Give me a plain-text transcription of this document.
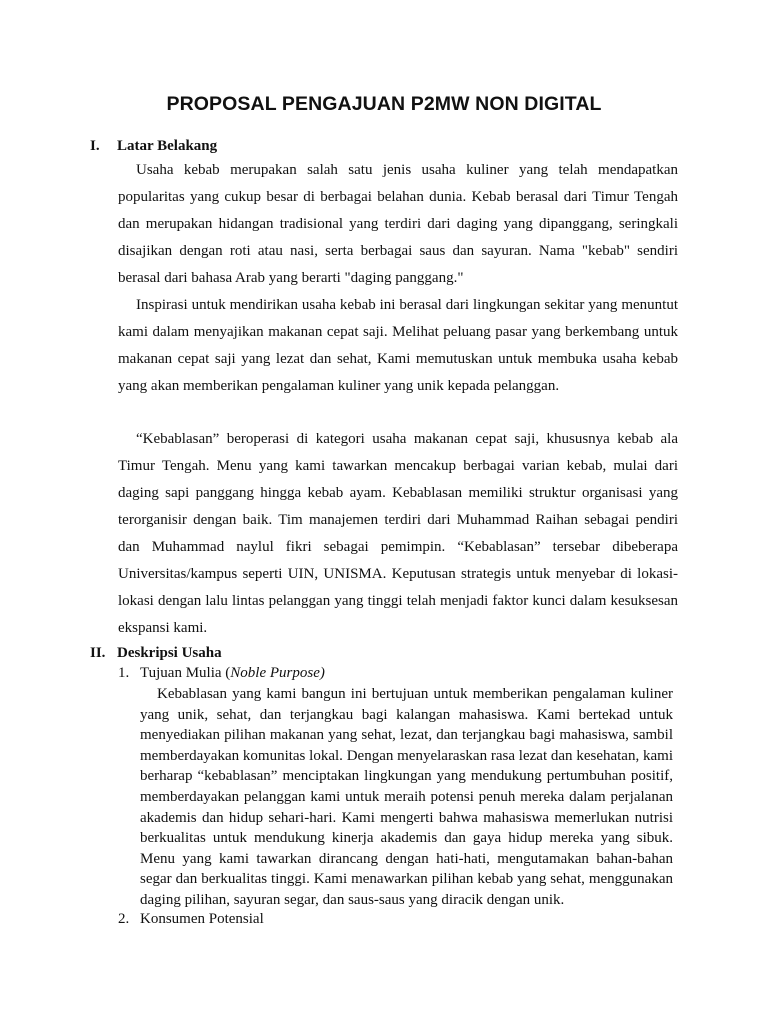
PROPOSAL PENGAJUAN P2MW NON DIGITAL
I. Latar Belakang

Usaha kebab merupakan salah satu jenis usaha kuliner yang telah mendapatkan popularitas yang cukup besar di berbagai belahan dunia. Kebab berasal dari Timur Tengah dan merupakan hidangan tradisional yang terdiri dari daging yang dipanggang, seringkali disajikan dengan roti atau nasi, serta berbagai saus dan sayuran. Nama "kebab" sendiri berasal dari bahasa Arab yang berarti "daging panggang."

Inspirasi untuk mendirikan usaha kebab ini berasal dari lingkungan sekitar yang menuntut kami dalam menyajikan makanan cepat saji. Melihat peluang pasar yang berkembang untuk makanan cepat saji yang lezat dan sehat, Kami memutuskan untuk membuka usaha kebab yang akan memberikan pengalaman kuliner yang unik kepada pelanggan.

“Kebablasan” beroperasi di kategori usaha makanan cepat saji, khususnya kebab ala Timur Tengah. Menu yang kami tawarkan mencakup berbagai varian kebab, mulai dari daging sapi panggang hingga kebab ayam. Kebablasan memiliki struktur organisasi yang terorganisir dengan baik. Tim manajemen terdiri dari Muhammad Raihan sebagai pendiri dan Muhammad naylul fikri sebagai pemimpin. “Kebablasan” tersebar dibeberapa Universitas/kampus seperti UIN, UNISMA. Keputusan strategis untuk menyebar di lokasi-lokasi dengan lalu lintas pelanggan yang tinggi telah menjadi faktor kunci dalam kesuksesan ekspansi kami.

II. Deskripsi Usaha
1. Tujuan Mulia (Noble Purpose)

Kebablasan yang kami bangun ini bertujuan untuk memberikan pengalaman kuliner yang unik, sehat, dan terjangkau bagi kalangan mahasiswa. Kami bertekad untuk menyediakan pilihan makanan yang sehat, lezat, dan terjangkau bagi mahasiswa, sambil memberdayakan komunitas lokal. Dengan menyelaraskan rasa lezat dan kesehatan, kami berharap “kebablasan” menciptakan lingkungan yang mendukung pertumbuhan positif, memberdayakan pelanggan kami untuk meraih potensi penuh mereka dalam perjalanan akademis dan hidup sehari-hari. Kami mengerti bahwa mahasiswa memerlukan nutrisi berkualitas untuk mendukung kinerja akademis dan gaya hidup mereka yang sibuk. Menu yang kami tawarkan dirancang dengan hati-hati, mengutamakan bahan-bahan segar dan berkualitas tinggi. Kami menawarkan pilihan kebab yang sehat, menggunakan daging pilihan, sayuran segar, dan saus-saus yang diracik dengan unik.

2. Konsumen Potensial
